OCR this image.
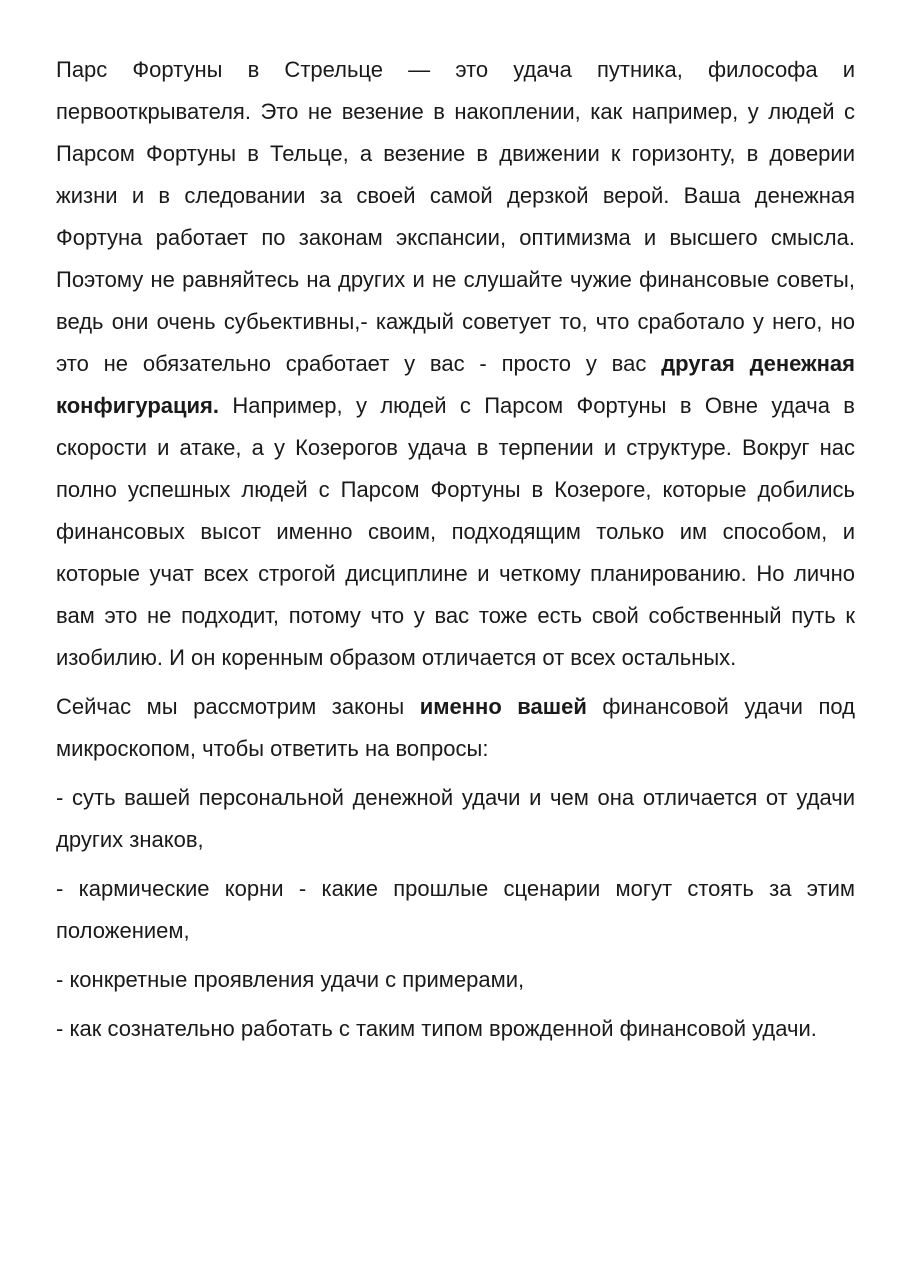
Парс Фортуны в Стрельце — это удача путника, философа и первооткрывателя. Это не везение в накоплении, как например, у людей с Парсом Фортуны в Тельце, а везение в движении к горизонту, в доверии жизни и в следовании за своей самой дерзкой верой. Ваша денежная Фортуна работает по законам экспансии, оптимизма и высшего смысла. Поэтому не равняйтесь на других и не слушайте чужие финансовые советы, ведь они очень субьективны,- каждый советует то, что сработало у него, но это не обязательно сработает у вас - просто у вас другая денежная конфигурация. Например, у людей с Парсом Фортуны в Овне удача в скорости и атаке, а у Козерогов удача в терпении и структуре. Вокруг нас полно успешных людей с Парсом Фортуны в Козероге, которые добились финансовых высот именно своим, подходящим только им способом, и которые учат всех строгой дисциплине и четкому планированию. Но лично вам это не подходит, потому что у вас тоже есть свой собственный путь к изобилию. И он коренным образом отличается от всех остальных.

Сейчас мы рассмотрим законы именно вашей финансовой удачи под микроскопом, чтобы ответить на вопросы:

- суть вашей персональной денежной удачи и чем она отличается от удачи других знаков,

- кармические корни - какие прошлые сценарии могут стоять за этим положением,

- конкретные проявления удачи с примерами,

- как сознательно работать с таким типом врожденной финансовой удачи.
